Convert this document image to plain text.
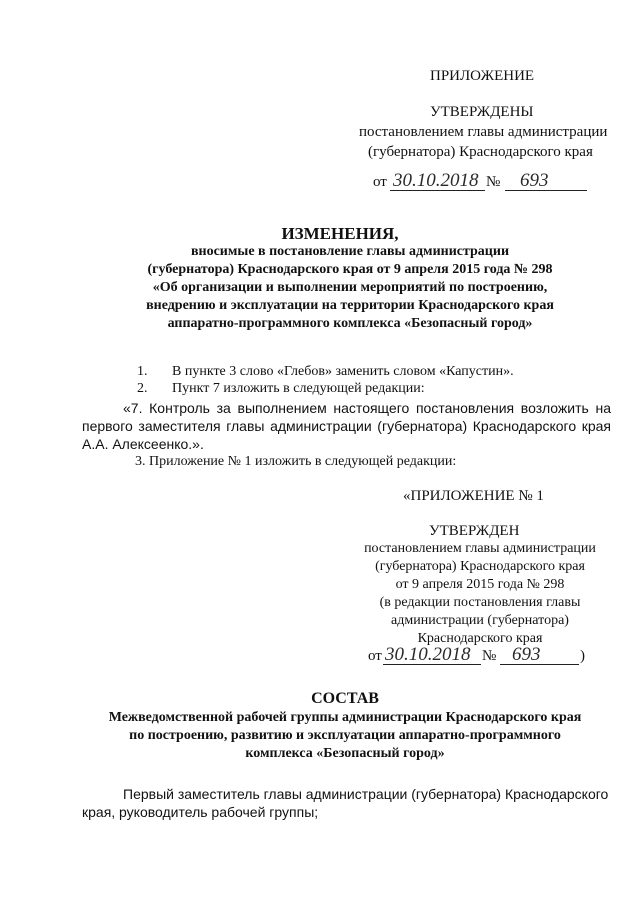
ПРИЛОЖЕНИЕ
УТВЕРЖДЕНЫ
постановлением главы администрации
(губернатора) Краснодарского края
от 30.10.2018 № 693
ИЗМЕНЕНИЯ,
вносимые в постановление главы администрации
(губернатора) Краснодарского края от 9 апреля 2015 года № 298
«Об организации и выполнении мероприятий по построению,
внедрению и эксплуатации на территории Краснодарского края
аппаратно-программного комплекса «Безопасный город»
1. В пункте 3 слово «Глебов» заменить словом «Капустин».
2. Пункт 7 изложить в следующей редакции:
«7. Контроль за выполнением настоящего постановления возложить на
первого заместителя главы администрации (губернатора) Краснодарского края
А.А. Алексеенко.».
3. Приложение № 1 изложить в следующей редакции:
«ПРИЛОЖЕНИЕ № 1
УТВЕРЖДЕН
постановлением главы администрации
(губернатора) Краснодарского края
от 9 апреля 2015 года № 298
(в редакции постановления главы
администрации (губернатора)
Краснодарского края
от 30.10.2018 № 693	)
СОСТАВ
Межведомственной рабочей группы администрации Краснодарского края
по построению, развитию и эксплуатации аппаратно-программного
комплекса «Безопасный город»
Первый заместитель главы администрации (губернатора) Краснодарского
края, руководитель рабочей группы;
